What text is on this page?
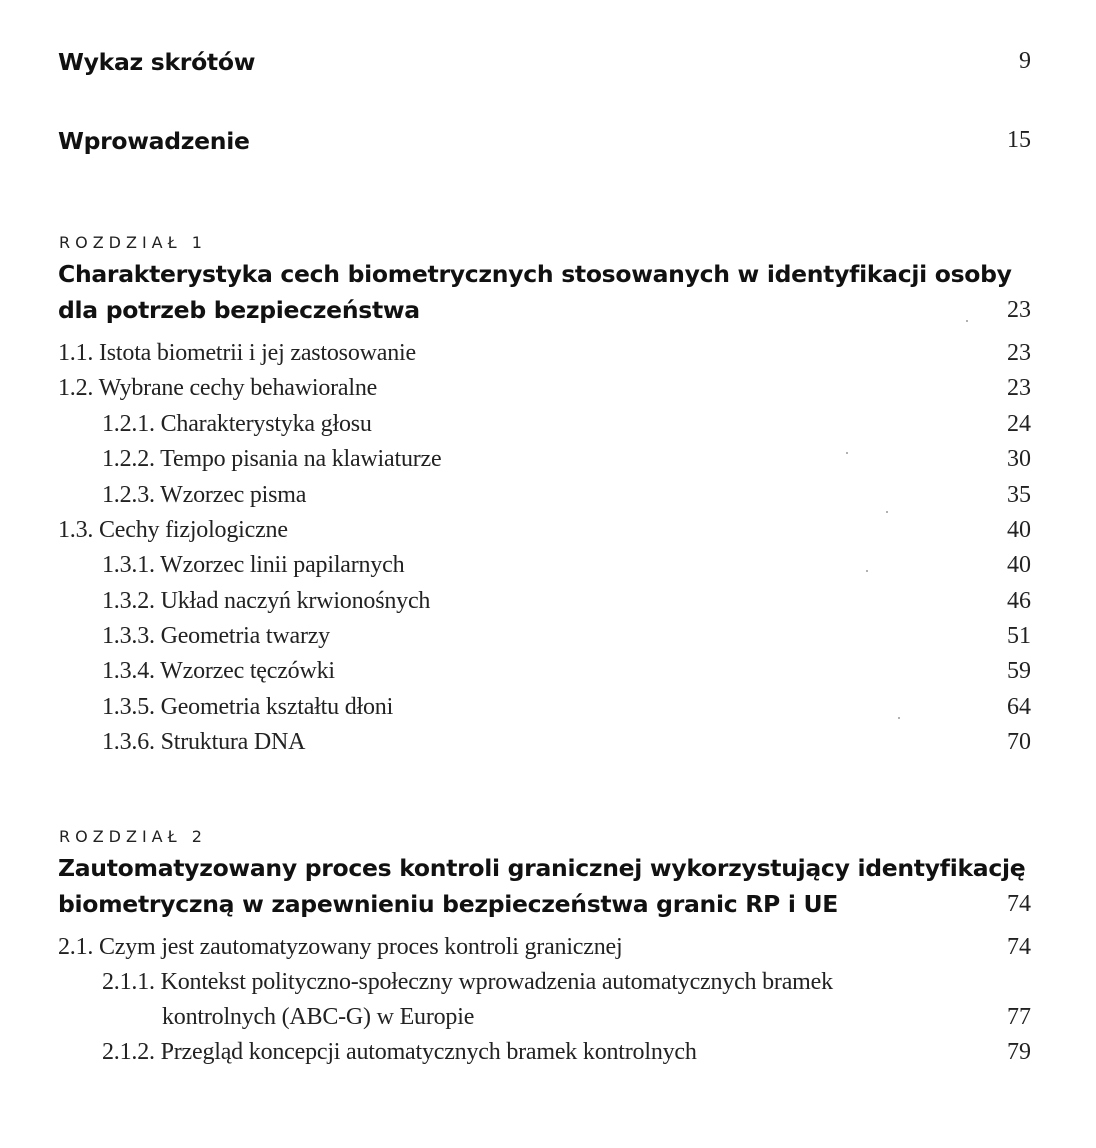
Wykaz skrótów	9
Wprowadzenie	15
ROZDZIAŁ 1
Charakterystyka cech biometrycznych stosowanych w identyfikacji osoby
dla potrzeb bezpieczeństwa	23
1.1. Istota biometrii i jej zastosowanie	23
1.2. Wybrane cechy behawioralne	23
1.2.1. Charakterystyka głosu	24
1.2.2. Tempo pisania na klawiaturze	30
1.2.3. Wzorzec pisma	35
1.3. Cechy fizjologiczne	40
1.3.1. Wzorzec linii papilarnych	40
1.3.2. Układ naczyń krwionośnych	46
1.3.3. Geometria twarzy	51
1.3.4. Wzorzec tęczówki	59
1.3.5. Geometria kształtu dłoni	64
1.3.6. Struktura DNA	70
ROZDZIAŁ 2
Zautomatyzowany proces kontroli granicznej wykorzystujący identyfikację
biometryczną w zapewnieniu bezpieczeństwa granic RP i UE	74
2.1. Czym jest zautomatyzowany proces kontroli granicznej	74
2.1.1. Kontekst polityczno-społeczny wprowadzenia automatycznych bramek
kontrolnych (ABC-G) w Europie	77
2.1.2. Przegląd koncepcji automatycznych bramek kontrolnych	79
